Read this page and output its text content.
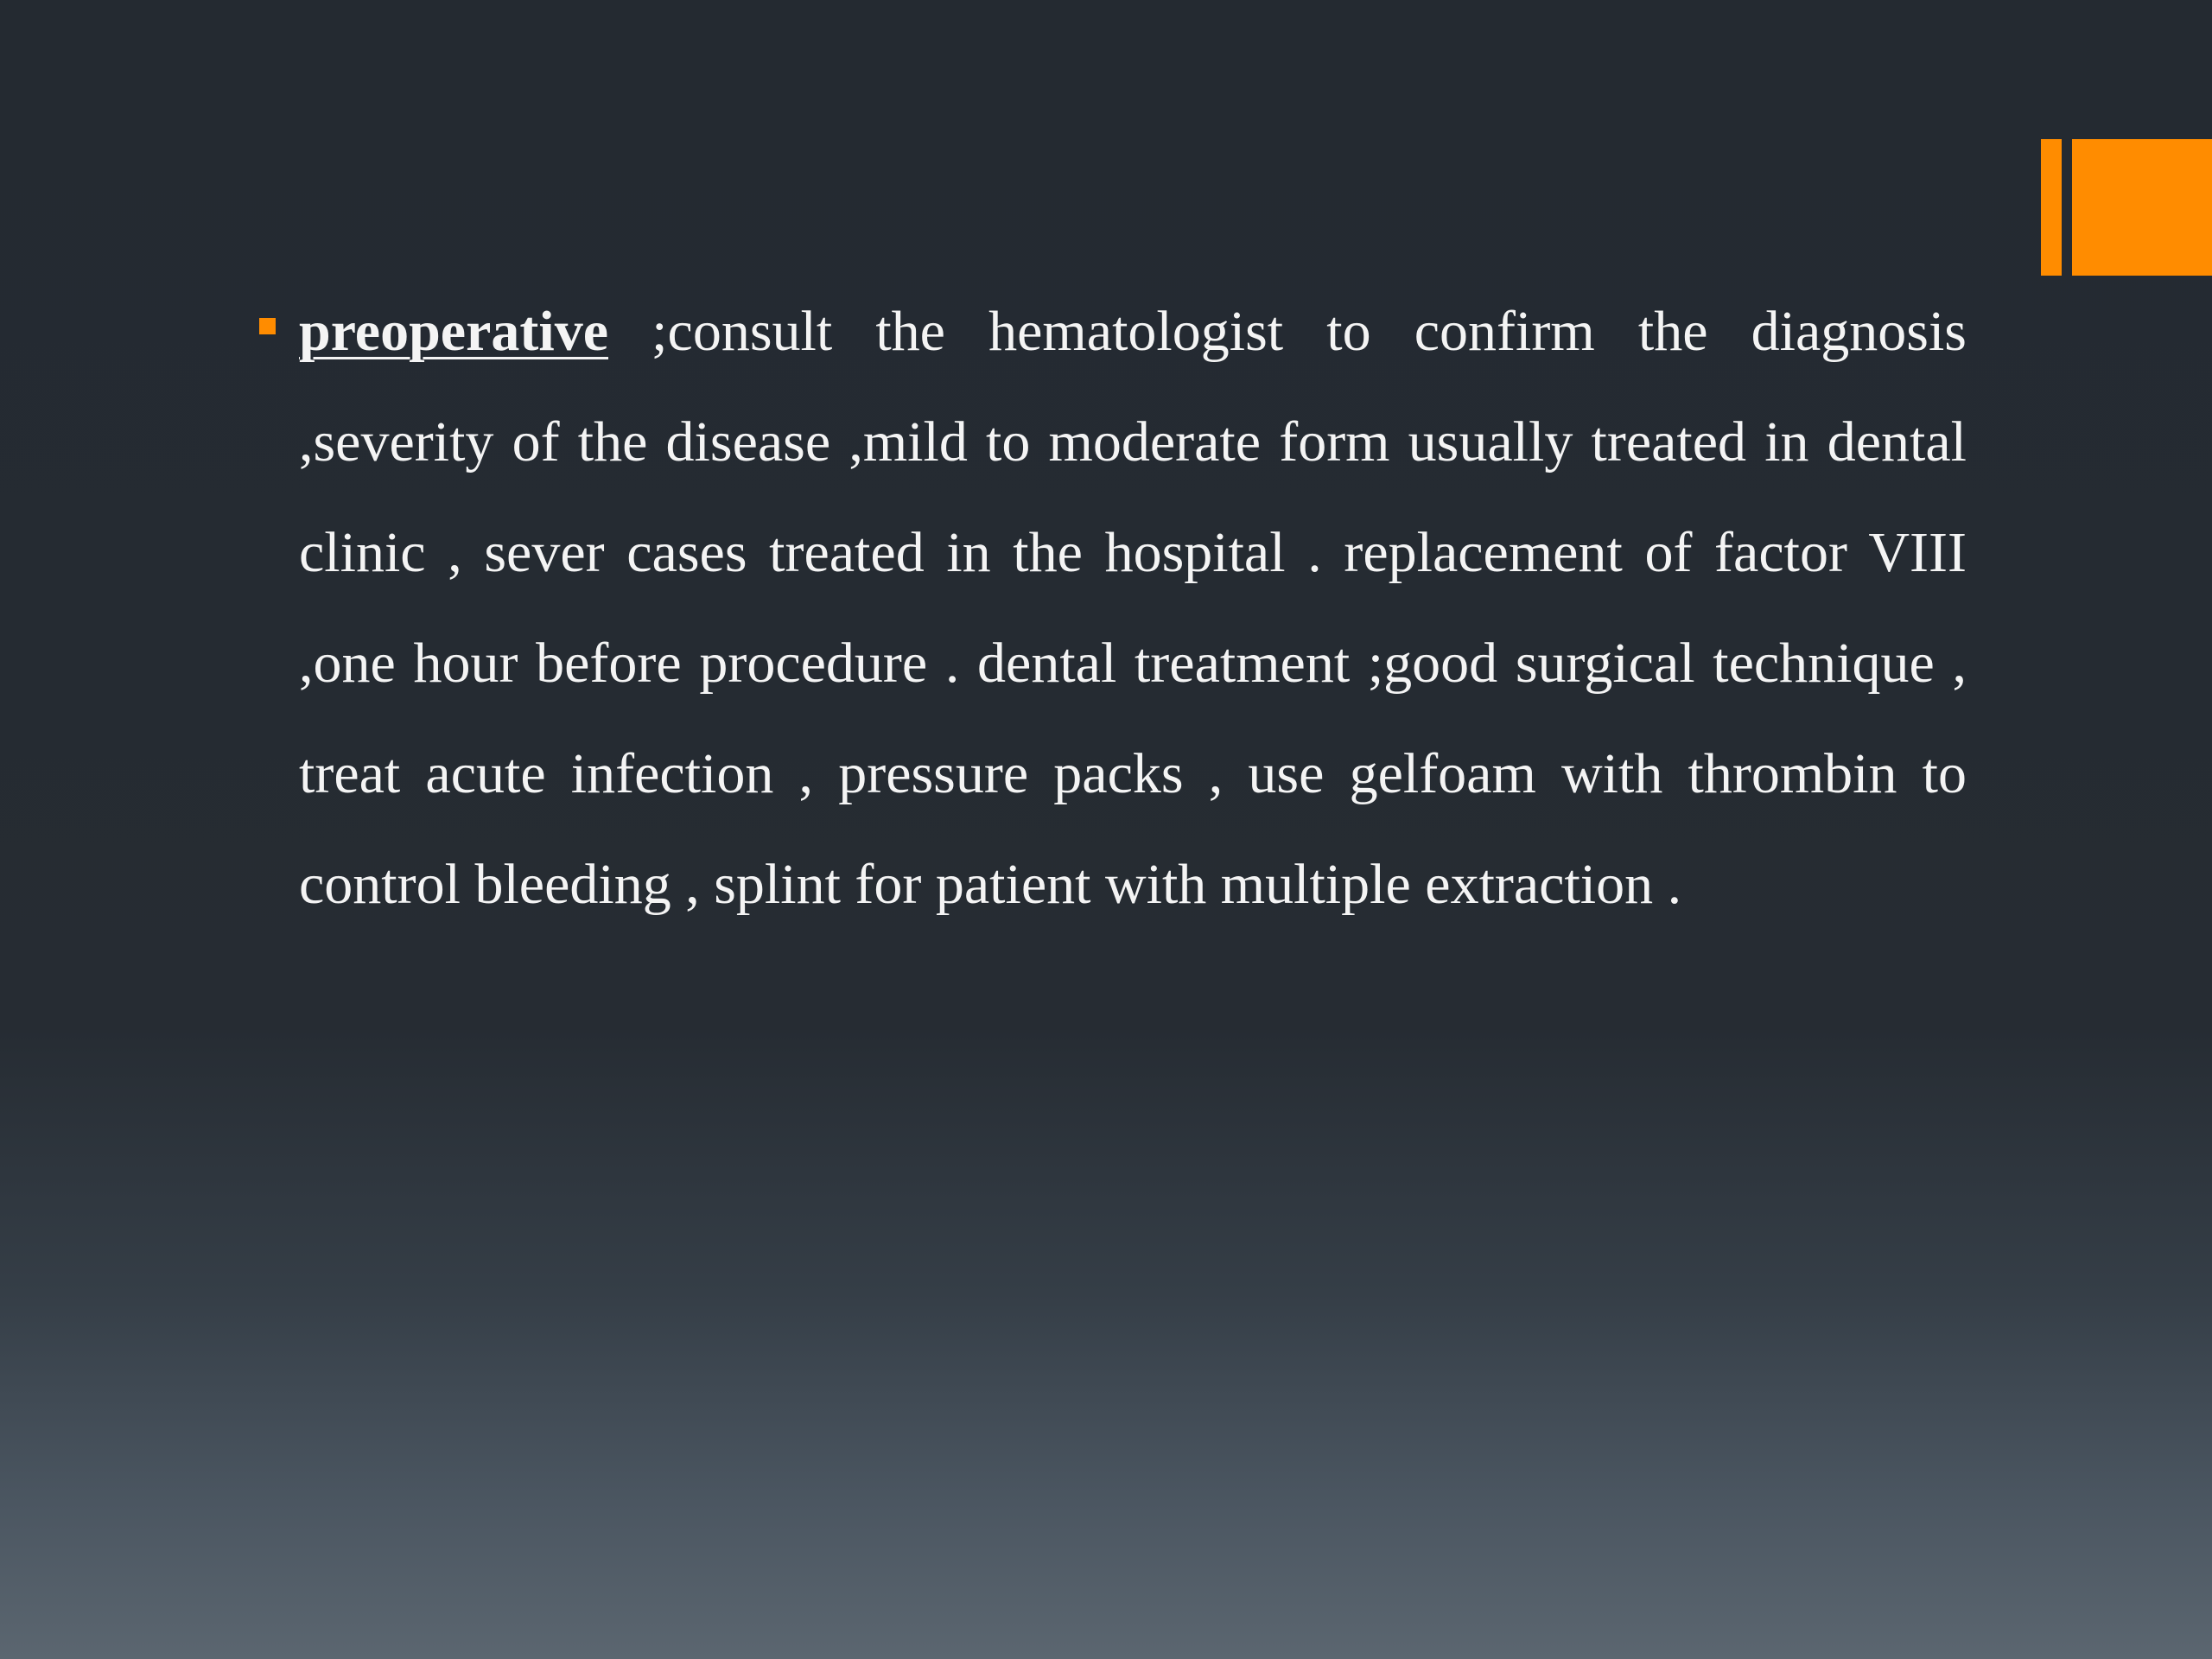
preoperative ;consult the hematologist to confirm the diagnosis ,severity of the disease ,mild to moderate form usually treated in dental clinic , sever cases treated in the hospital . replacement of factor VIII ,one hour before procedure . dental treatment ;good surgical technique , treat acute infection , pressure packs , use gelfoam with thrombin to control bleeding , splint for patient with multiple extraction .
